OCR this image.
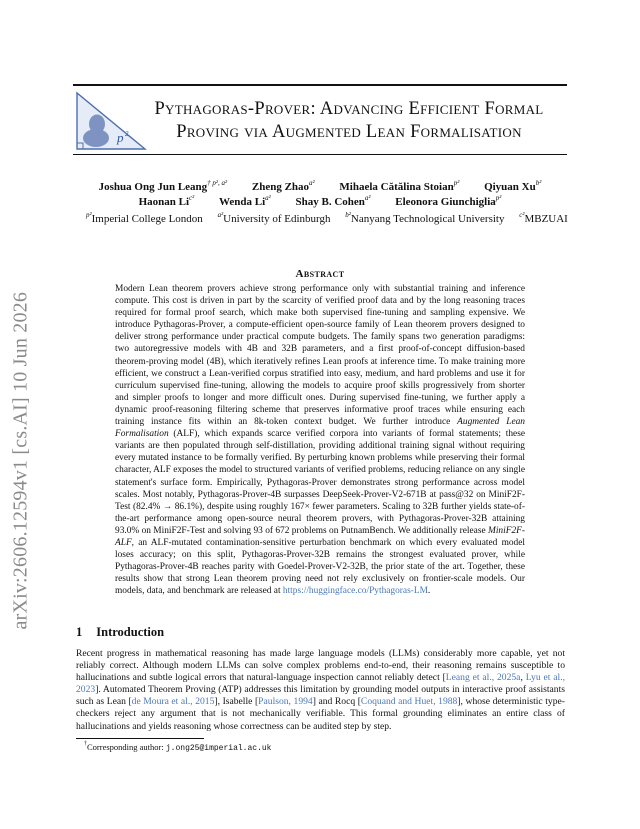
arXiv:2606.12594v1 [cs.AI] 10 Jun 2026
p 2
Pythagoras-Prover: Advancing Efficient Formal
Proving via Augmented Lean Formalisation
Joshua Ong Jun Leang$^{\dagger p^2, a^2}$ Zheng Zhao$^{a^2}$ Mihaela Cătălina Stoian$^{p^2}$ Qiyuan $Xu^{b^2}$
Haonan $Li^{c^2}$ Wenda $Li^{a^2}$ Shay B. Cohen$^{a^2}$ Eleonora Giunchiglia$^{p^2}$
$^{p^2}$Imperial College London $^{a^2}$University of Edinburgh $^{b^2}$Nanyang Technological University $^{c^2}$MBZUAI
Abstract
Modern Lean theorem provers achieve strong performance only with substantial training and inference compute. This cost is driven in part by the scarcity of verified proof data and by the long reasoning traces required for formal proof search, which make both supervised fine-tuning and sampling expensive. We introduce Pythagoras-Prover, a compute-efficient open-source family of Lean theorem provers designed to deliver strong performance under practical compute budgets. The family spans two generation paradigms: two autoregressive models with 4B and 32B parameters, and a first proof-of-concept diffusion-based theorem-proving model (4B), which iteratively refines Lean proofs at inference time. To make training more efficient, we construct a Lean-verified corpus stratified into easy, medium, and hard problems and use it for curriculum supervised fine-tuning, allowing the models to acquire proof skills progressively from shorter and simpler proofs to longer and more difficult ones. During supervised fine-tuning, we further apply a dynamic proof-reasoning filtering scheme that preserves informative proof traces while ensuring each training instance fits within an 8k-token context budget. We further introduce Augmented Lean Formalisation (ALF), which expands scarce verified corpora into variants of formal statements; these variants are then populated through self-distillation, providing additional training signal without requiring every mutated instance to be formally verified. By perturbing known problems while preserving their formal character, ALF exposes the model to structured variants of verified problems, reducing reliance on any single statement's surface form. Empirically, Pythagoras-Prover demonstrates strong performance across model scales. Most notably, Pythagoras-Prover-4B surpasses DeepSeek-Prover-V2-671B at pass@32 on MiniF2F-Test (82.4% → 86.1%), despite using roughly 167× fewer parameters. Scaling to 32B further yields state-of-the-art performance among open-source neural theorem provers, with Pythagoras-Prover-32B attaining 93.0% on MiniF2F-Test and solving 93 of 672 problems on PutnamBench. We additionally release MiniF2F-ALF, an ALF-mutated contamination-sensitive perturbation benchmark on which every evaluated model loses accuracy; on this split, Pythagoras-Prover-32B remains the strongest evaluated prover, while Pythagoras-Prover-4B reaches parity with Goedel-Prover-V2-32B, the prior state of the art. Together, these results show that strong Lean theorem proving need not rely exclusively on frontier-scale models. Our models, data, and benchmark are released at https://huggingface.co/Pythagoras-LM.
1 Introduction
Recent progress in mathematical reasoning has made large language models (LLMs) considerably more capable, yet not reliably correct. Although modern LLMs can solve complex problems end-to-end, their reasoning remains susceptible to hallucinations and subtle logical errors that natural-language inspection cannot reliably detect [Leang et al., 2025a, Lyu et al., 2023]. Automated Theorem Proving (ATP) addresses this limitation by grounding model outputs in interactive proof assistants such as Lean [de Moura et al., 2015], Isabelle [Paulson, 1994] and Rocq [Coquand and Huet, 1988], whose deterministic type-checkers reject any argument that is not mechanically verifiable. This formal grounding eliminates an entire class of hallucinations and yields reasoning whose correctness can be audited step by step.
†Corresponding author: j.ong25@imperial.ac.uk
